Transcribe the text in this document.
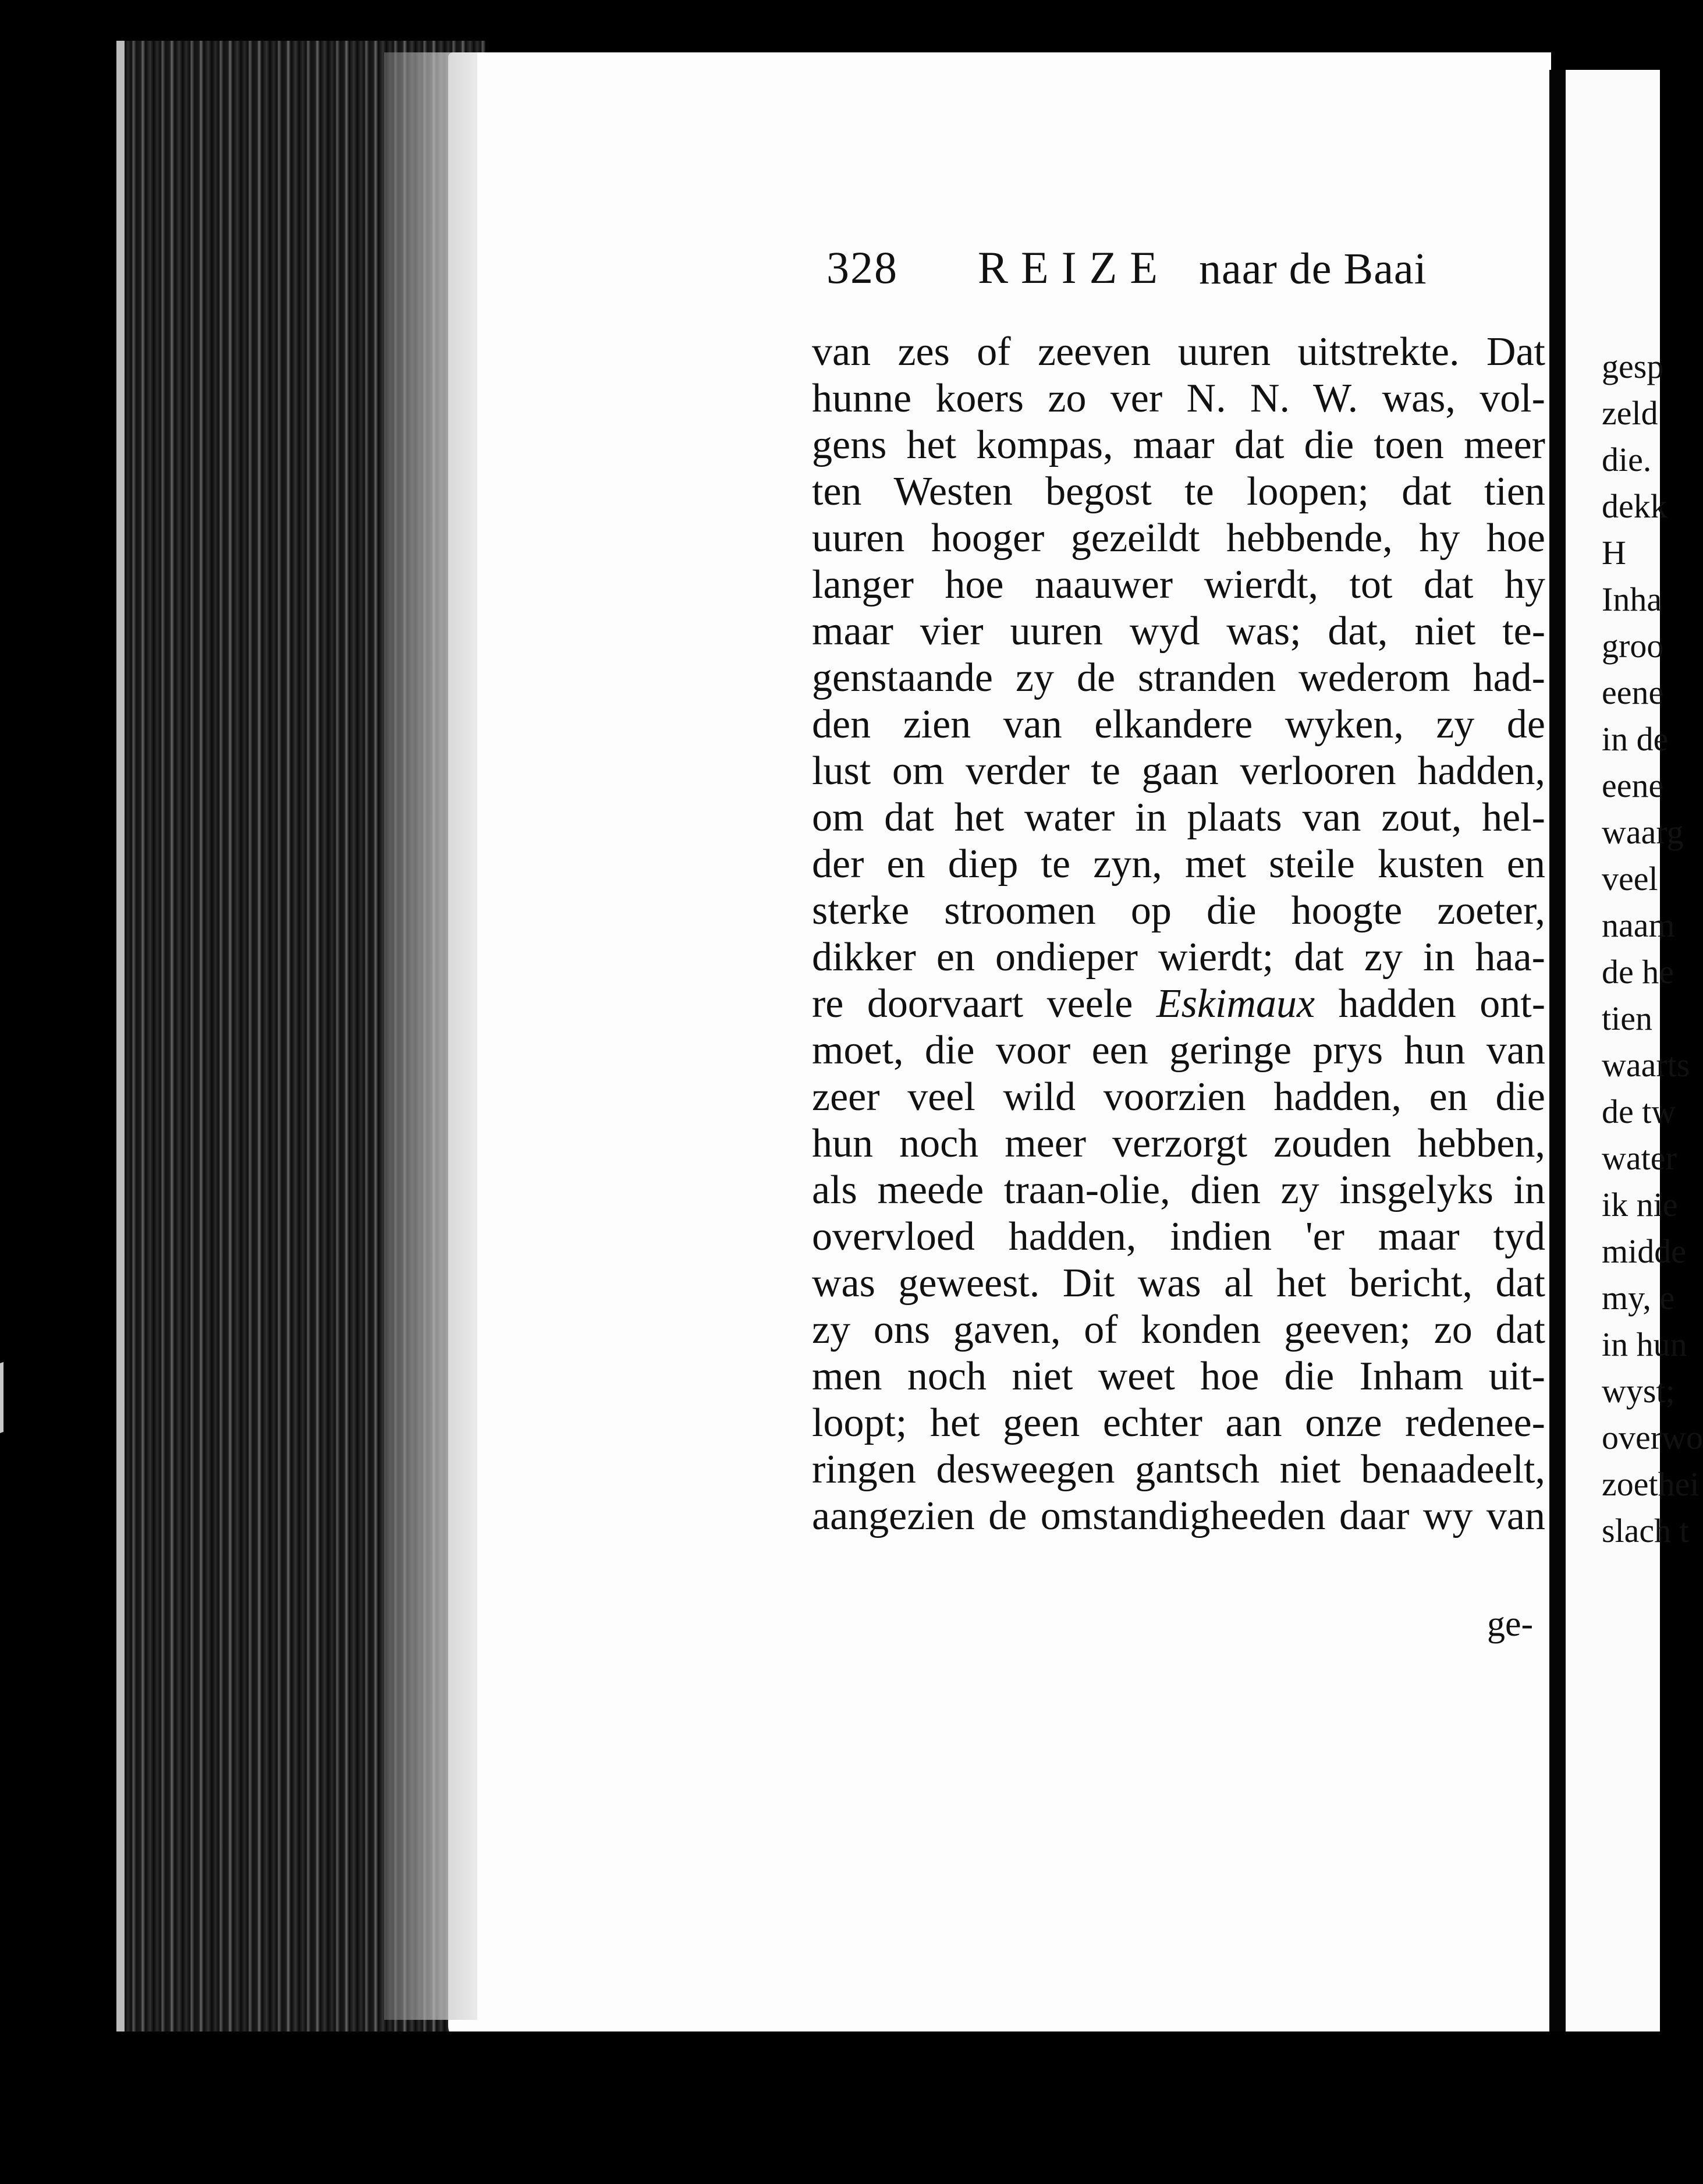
328 REIZE naar de Baai
van zes of zeeven uuren uitstrekte. Dat
hunne koers zo ver N. N. W. was, vol-
gens het kompas, maar dat die toen meer
ten Westen begost te loopen; dat tien
uuren hooger gezeildt hebbende, hy hoe
langer hoe naauwer wierdt, tot dat hy
maar vier uuren wyd was; dat, niet te-
genstaande zy de stranden wederom had-
den zien van elkandere wyken, zy de
lust om verder te gaan verlooren hadden,
om dat het water in plaats van zout, hel-
der en diep te zyn, met steile kusten en
sterke stroomen op die hoogte zoeter,
dikker en ondieper wierdt; dat zy in haa-
re doorvaart veele Eskimaux hadden ont-
moet, die voor een geringe prys hun van
zeer veel wild voorzien hadden, en die
hun noch meer verzorgt zouden hebben,
als meede traan-olie, dien zy insgelyks in
overvloed hadden, indien 'er maar tyd
was geweest. Dit was al het bericht, dat
zy ons gaven, of konden geeven; zo dat
men noch niet weet hoe die Inham uit-
loopt; het geen echter aan onze redenee-
ringen desweegen gantsch niet benaadeelt,
aangezien de omstandigheeden daar wy van
ge-
gesp
zeld
die.
dekk
H
Inha
groo
eene
in de
eene
waarg
veel
naam
de he
tien
waarts
de tw
water
ik nie
midde
my, e
in hun
wyst;
overwo
zoethei
slach t
